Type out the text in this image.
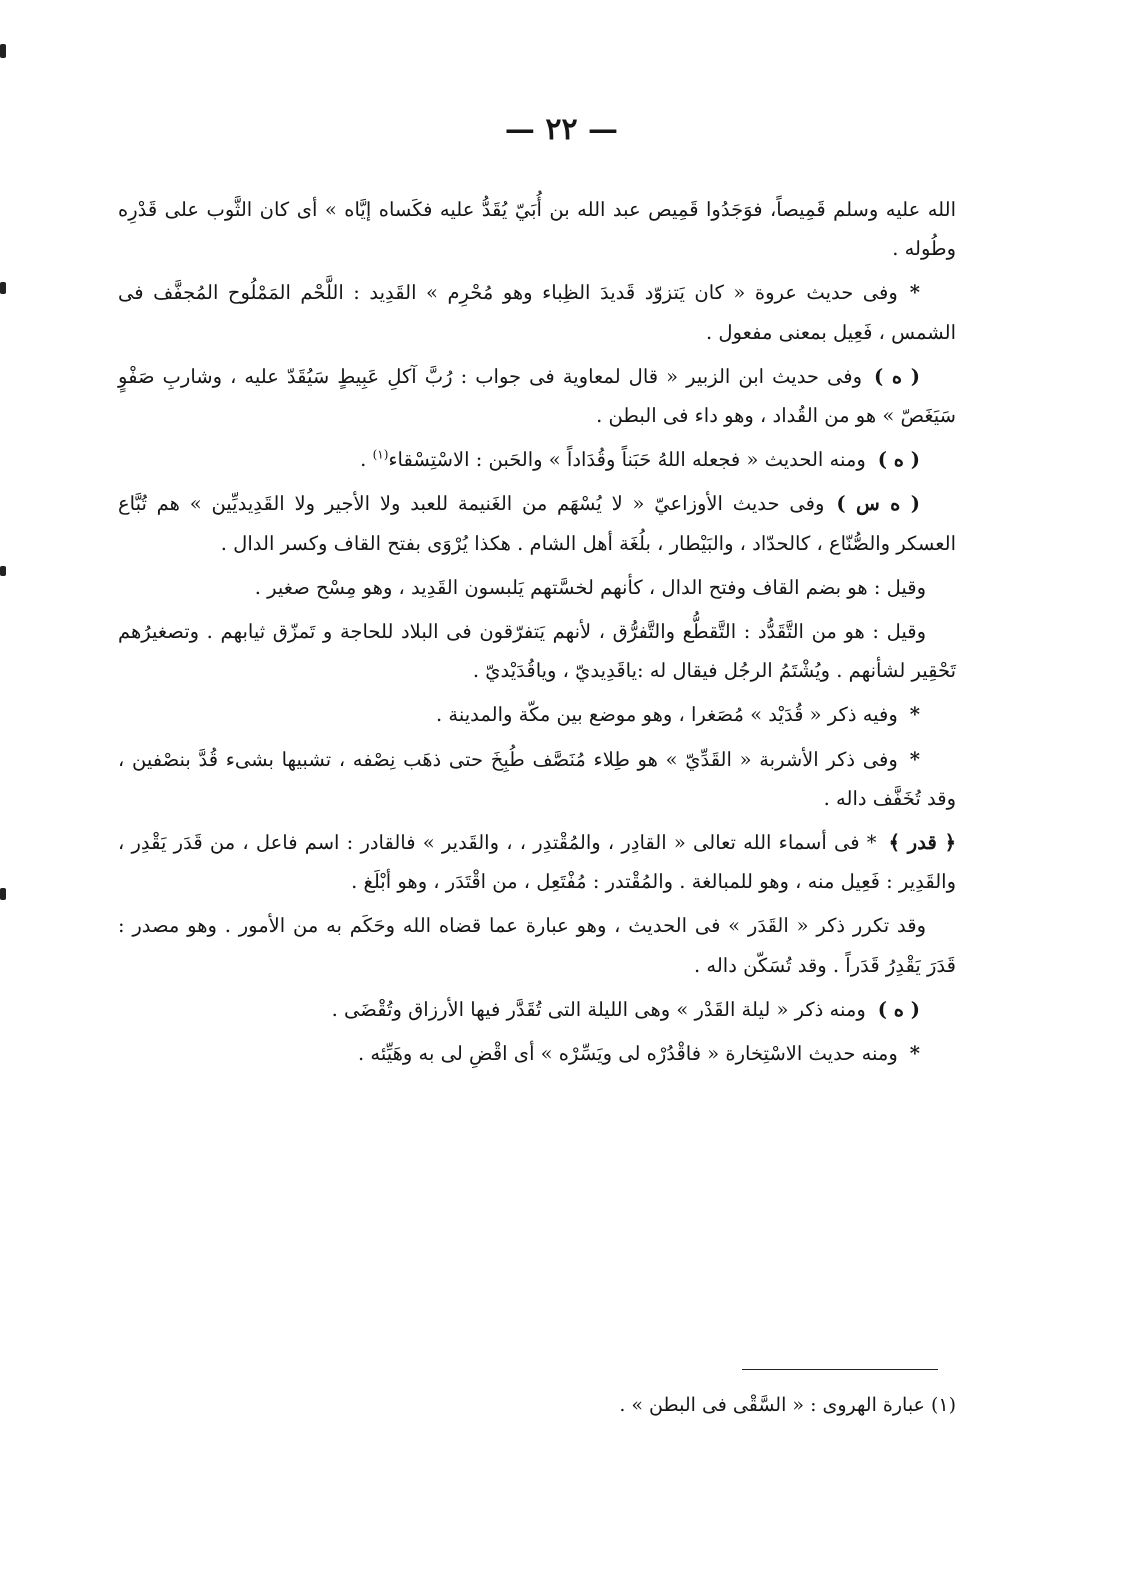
— ٢٢ —

الله عليه وسلم قَمِيصاً، فوَجَدُوا قَمِيص عبد الله بن أُبَيّ يُقَدُّ عليه فكَساه إيَّاه » أى كان الثَّوب على قَدْرِه وطُوله .

*وفى حديث عروة « كان يَتزوّد قَديدَ الظِباء وهو مُحْرِم » القَدِيد : اللَّحْم المَمْلُوح المُجفَّف فى الشمس ، فَعِيل بمعنى مفعول .

( ه )وفى حديث ابن الزبير « قال لمعاوية فى جواب : رُبَّ آكلِ عَبِيطٍ سَيُقَدّ عليه ، وشاربِ صَفْوٍ سَيَغَصّ » هو من القُداد ، وهو داء فى البطن .

( ه )ومنه الحديث « فجعله اللهُ حَبَناً وقُدَاداً » والحَبن : الاسْتِسْقاء$^{(١)}$ .

( ه س )وفى حديث الأوزاعيّ « لا يُسْهَم من الغَنيمة للعبد ولا الأجير ولا القَدِيديِّين » هم تُبَّاع العسكر والصُّنّاع ، كالحدّاد ، والبَيْطار ، بلُغَة أهل الشام . هكذا يُرْوَى بفتح القاف وكسر الدال .

وقيل : هو بضم القاف وفتح الدال ، كأنهم لخسَّتهم يَلبسون القَدِيد ، وهو مِسْح صغير .

وقيل : هو من التَّقَدُّد : التَّقطُّع والتَّفرُّق ، لأنهم يَتفرّقون فى البلاد للحاجة و تَمزّق ثيابهم . وتصغيرُهم تَحْقِير لشأنهم . ويُشْتَمُ الرجُل فيقال له :ياقَدِيديّ ، وياقُدَيْديّ .

*وفيه ذكر « قُدَيْد » مُصَغرا ، وهو موضع بين مكّة والمدينة .

*وفى ذكر الأشربة « القَدِّيّ » هو طِلاء مُنَصَّف طُبِخَ حتى ذهَب نِصْفه ، تشبيها بشىء قُدَّ بنصْفين ، وقد تُخَفَّف داله .

﴿ قدر ﴾* فى أسماء الله تعالى « القادِر ، والمُقْتدِر ، ، والقَدير » فالقادر : اسم فاعل ، من قَدَر يَقْدِر ، والقَدِير : فَعِيل منه ، وهو للمبالغة . والمُقْتدر : مُفْتَعِل ، من اقْتَدَر ، وهو أبْلَغ .

وقد تكرر ذكر « القَدَر » فى الحديث ، وهو عبارة عما قضاه الله وحَكَم به من الأمور . وهو مصدر : قَدَرَ يَقْدِرُ قَدَراً . وقد تُسَكّن داله .

( ه )ومنه ذكر « ليلة القَدْر » وهى الليلة التى تُقَدَّر فيها الأرزاق وتُقْضَى .

*ومنه حديث الاسْتِخارة « فاقْدُرْه لى ويَسِّرْه » أى اقْضِ لى به وهَيِّئه .

(١) عبارة الهروى : « السَّقْى فى البطن » .
